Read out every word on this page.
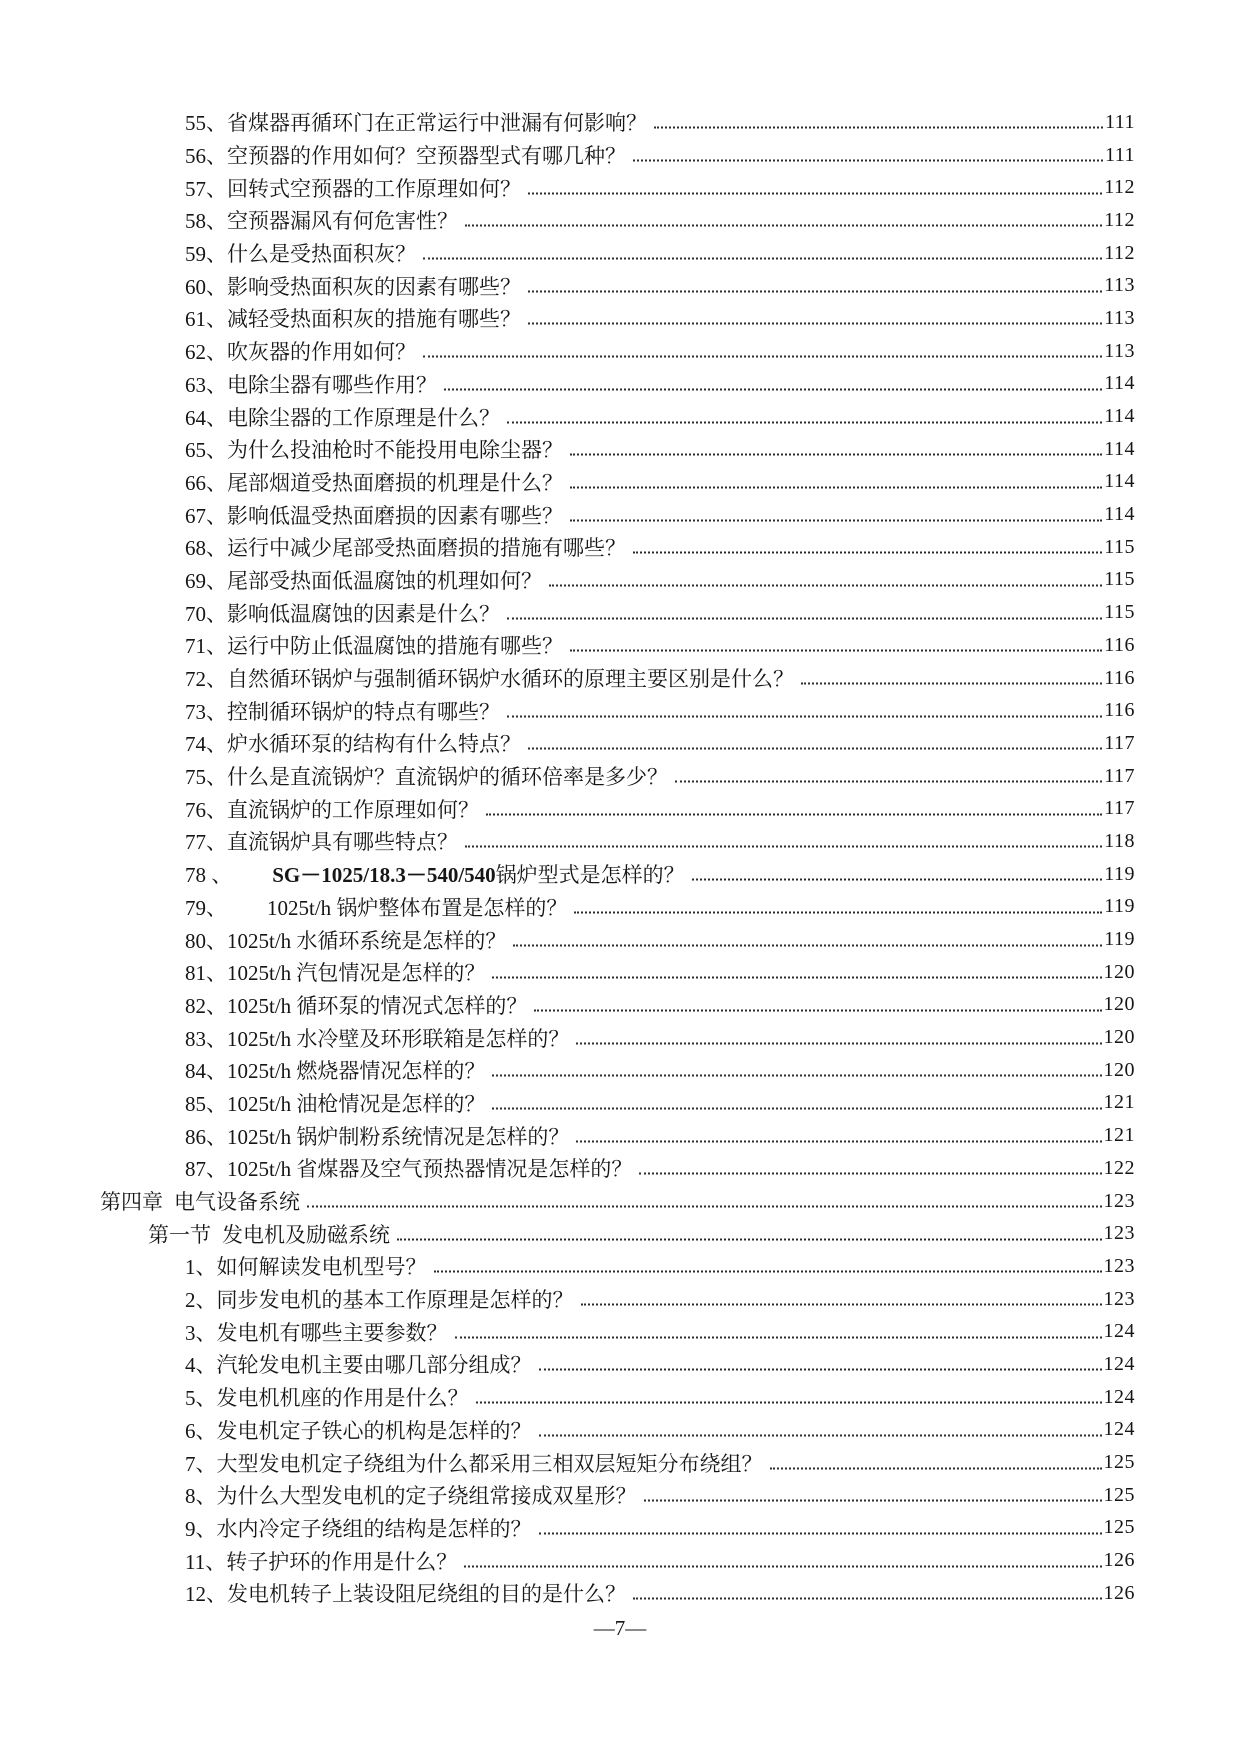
55、 省煤器再循环门在正常运行中泄漏有何影响？	111
56、 空预器的作用如何？空预器型式有哪几种？	111
57、 回转式空预器的工作原理如何？	112
58、 空预器漏风有何危害性？	112
59、 什么是受热面积灰？	112
60、 影响受热面积灰的因素有哪些？	113
61、 减轻受热面积灰的措施有哪些？	113
62、 吹灰器的作用如何？	113
63、 电除尘器有哪些作用？	114
64、 电除尘器的工作原理是什么？	114
65、 为什么投油枪时不能投用电除尘器？	114
66、 尾部烟道受热面磨损的机理是什么？	114
67、 影响低温受热面磨损的因素有哪些？	114
68、 运行中减少尾部受热面磨损的措施有哪些？	115
69、 尾部受热面低温腐蚀的机理如何？	115
70、 影响低温腐蚀的因素是什么？	115
71、 运行中防止低温腐蚀的措施有哪些？	116
72、 自然循环锅炉与强制循环锅炉水循环的原理主要区别是什么？	116
73、 控制循环锅炉的特点有哪些？	116
74、 炉水循环泵的结构有什么特点？	117
75、 什么是直流锅炉？直流锅炉的循环倍率是多少？	117
76、 直流锅炉的工作原理如何？	117
77、 直流锅炉具有哪些特点？	118
78 、 SG－1025/18.3－540/540 锅炉型式是怎样的？	119
79、 1025t/h 锅炉整体布置是怎样的？	119
80、 1025t/h 水循环系统是怎样的？	119
81、 1025t/h 汽包情况是怎样的？	120
82、 1025t/h 循环泵的情况式怎样的？	120
83、 1025t/h 水冷壁及环形联箱是怎样的？	120
84、 1025t/h 燃烧器情况怎样的？	120
85、 1025t/h 油枪情况是怎样的？	121
86、 1025t/h 锅炉制粉系统情况是怎样的？	121
87、 1025t/h 省煤器及空气预热器情况是怎样的？	122
第四章 电气设备系统	123
第一节 发电机及励磁系统	123
1、 如何解读发电机型号？	123
2、 同步发电机的基本工作原理是怎样的？	123
3、 发电机有哪些主要参数？	124
4、 汽轮发电机主要由哪几部分组成？	124
5、 发电机机座的作用是什么？	124
6、 发电机定子铁心的机构是怎样的？	124
7、 大型发电机定子绕组为什么都采用三相双层短矩分布绕组？	125
8、 为什么大型发电机的定子绕组常接成双星形？	125
9、 水内冷定子绕组的结构是怎样的？	125
11、 转子护环的作用是什么？	126
12、 发电机转子上装设阻尼绕组的目的是什么？	126
—7—
